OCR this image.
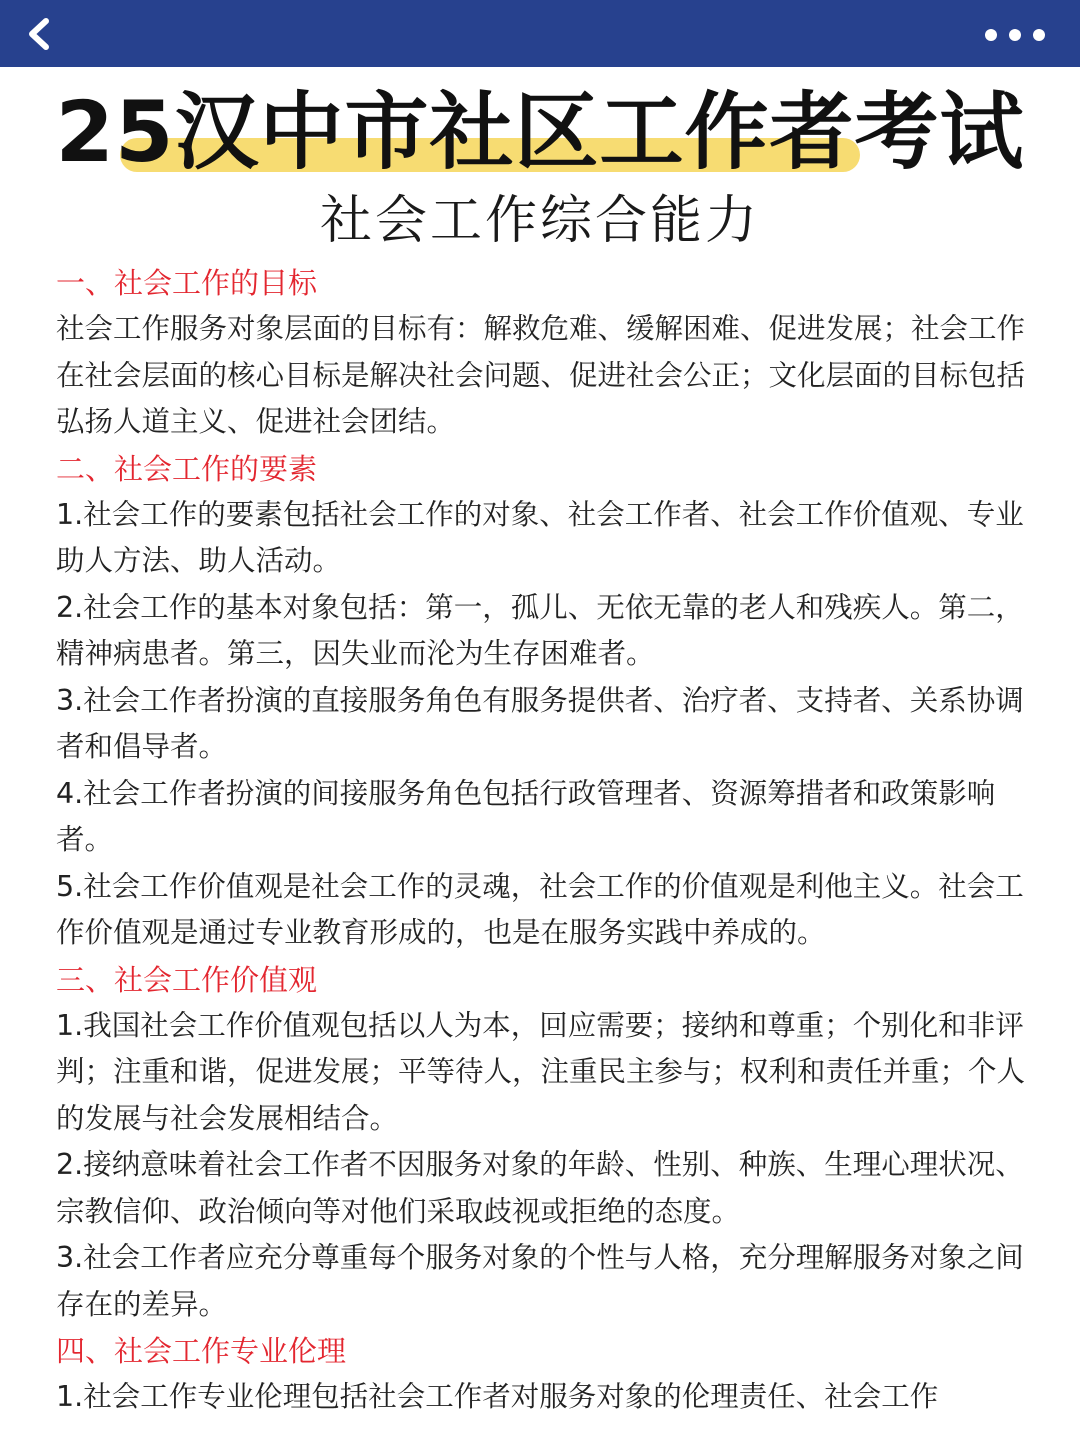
25汉中市社区工作者考试
社会工作综合能力
一、社会工作的目标

社会工作服务对象层面的目标有：解救危难、缓解困难、促进发展；社会工作在社会层面的核心目标是解决社会问题、促进社会公正；文化层面的目标包括弘扬人道主义、促进社会团结。

二、社会工作的要素

1.社会工作的要素包括社会工作的对象、社会工作者、社会工作价值观、专业助人方法、助人活动。

2.社会工作的基本对象包括：第一，孤儿、无依无靠的老人和残疾人。第二，精神病患者。第三，因失业而沦为生存困难者。

3.社会工作者扮演的直接服务角色有服务提供者、治疗者、支持者、关系协调者和倡导者。

4.社会工作者扮演的间接服务角色包括行政管理者、资源筹措者和政策影响者。

5.社会工作价值观是社会工作的灵魂，社会工作的价值观是利他主义。社会工作价值观是通过专业教育形成的，也是在服务实践中养成的。

三、社会工作价值观

1.我国社会工作价值观包括以人为本，回应需要；接纳和尊重；个别化和非评判；注重和谐，促进发展；平等待人，注重民主参与；权利和责任并重；个人的发展与社会发展相结合。

2.接纳意味着社会工作者不因服务对象的年龄、性别、种族、生理心理状况、宗教信仰、政治倾向等对他们采取歧视或拒绝的态度。

3.社会工作者应充分尊重每个服务对象的个性与人格，充分理解服务对象之间存在的差异。

四、社会工作专业伦理

1.社会工作专业伦理包括社会工作者对服务对象的伦理责任、社会工作
